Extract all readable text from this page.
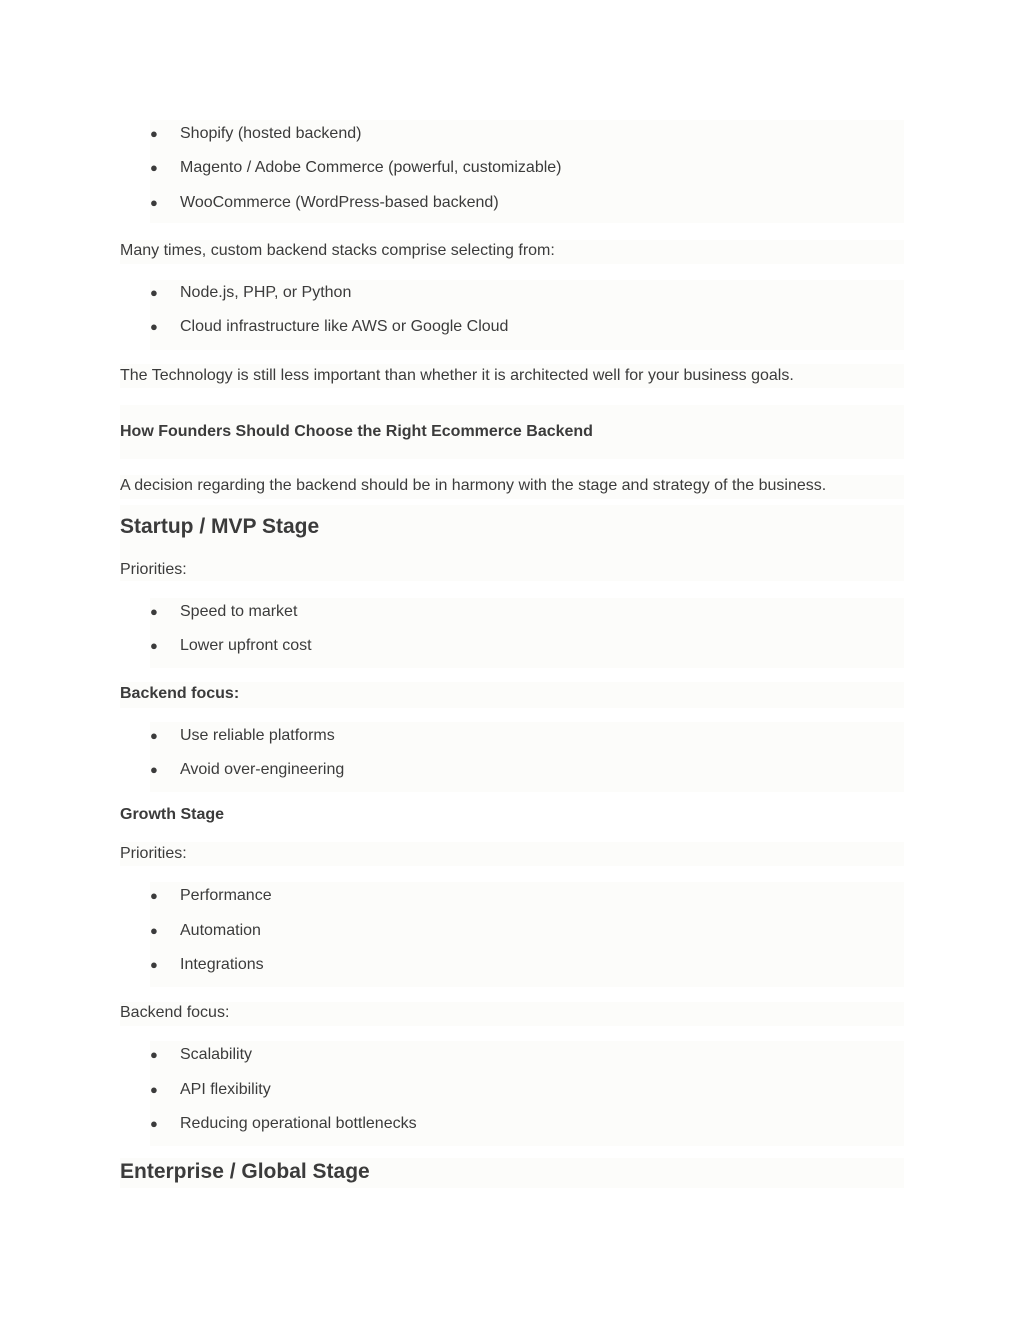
●	Shopify (hosted backend)
●	Magento / Adobe Commerce (powerful, customizable)
●	WooCommerce (WordPress-based backend)

Many times, custom backend stacks comprise selecting from:

●	Node.js, PHP, or Python
●	Cloud infrastructure like AWS or Google Cloud

The Technology is still less important than whether it is architected well for your business goals.

How Founders Should Choose the Right Ecommerce Backend

A decision regarding the backend should be in harmony with the stage and strategy of the business.

Startup / MVP Stage

Priorities:

●	Speed to market
●	Lower upfront cost

Backend focus:

●	Use reliable platforms
●	Avoid over-engineering

Growth Stage

Priorities:

●	Performance
●	Automation
●	Integrations

Backend focus:

●	Scalability
●	API flexibility
●	Reducing operational bottlenecks

Enterprise / Global Stage
